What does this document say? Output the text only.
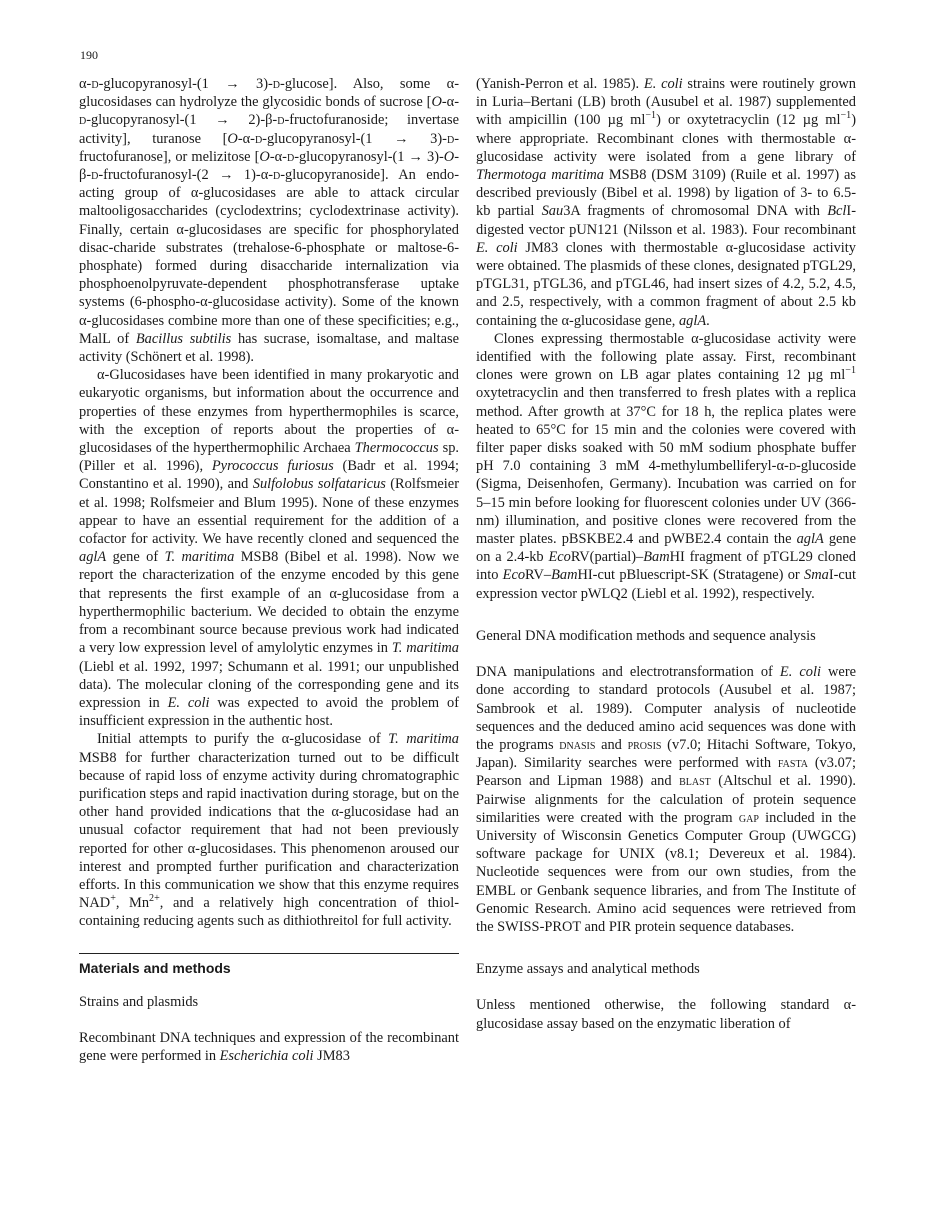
190

α-d-glucopyranosyl-(1 → 3)-d-glucose]. Also, some α-glucosidases can hydrolyze the glycosidic bonds of sucrose [O-α-d-glucopyranosyl-(1 → 2)-β-d-fructofuranoside; invertase activity], turanose [O-α-d-glucopyranosyl-(1 → 3)-d-fructofuranose], or melizitose [O-α-d-glucopyranosyl-(1 → 3)-O-β-d-fructofuranosyl-(2 → 1)-α-d-glucopyranoside]. An endo-acting group of α-glucosidases are able to attack circular maltooligosaccharides (cyclodextrins; cyclodextrinase activity). Finally, certain α-glucosidases are specific for phosphorylated disac-charide substrates (trehalose-6-phosphate or maltose-6-phosphate) formed during disaccharide internalization via phosphoenolpyruvate-dependent phosphotransferase uptake systems (6-phospho-α-glucosidase activity). Some of the known α-glucosidases combine more than one of these specificities; e.g., MalL of Bacillus subtilis has sucrase, isomaltase, and maltase activity (Schönert et al. 1998).

α-Glucosidases have been identified in many prokaryotic and eukaryotic organisms, but information about the occurrence and properties of these enzymes from hyperthermophiles is scarce, with the exception of reports about the properties of α-glucosidases of the hyperthermophilic Archaea Thermococcus sp. (Piller et al. 1996), Pyrococcus furiosus (Badr et al. 1994; Constantino et al. 1990), and Sulfolobus solfataricus (Rolfsmeier et al. 1998; Rolfsmeier and Blum 1995). None of these enzymes appear to have an essential requirement for the addition of a cofactor for activity. We have recently cloned and sequenced the aglA gene of T. maritima MSB8 (Bibel et al. 1998). Now we report the characterization of the enzyme encoded by this gene that represents the first example of an α-glucosidase from a hyperthermophilic bacterium. We decided to obtain the enzyme from a recombinant source because previous work had indicated a very low expression level of amylolytic enzymes in T. maritima (Liebl et al. 1992, 1997; Schumann et al. 1991; our unpublished data). The molecular cloning of the corresponding gene and its expression in E. coli was expected to avoid the problem of insufficient expression in the authentic host.

Initial attempts to purify the α-glucosidase of T. maritima MSB8 for further characterization turned out to be difficult because of rapid loss of enzyme activity during chromatographic purification steps and rapid inactivation during storage, but on the other hand provided indications that the α-glucosidase had an unusual cofactor requirement that had not been previously reported for other α-glucosidases. This phenomenon aroused our interest and prompted further purification and characterization efforts. In this communication we show that this enzyme requires NAD+, $Mn^{2+}$, and a relatively high concentration of thiol-containing reducing agents such as dithiothreitol for full activity.

Materials and methods
Strains and plasmids

Recombinant DNA techniques and expression of the recombinant gene were performed in Escherichia coli JM83

(Yanish-Perron et al. 1985). E. coli strains were routinely grown in Luria–Bertani (LB) broth (Ausubel et al. 1987) supplemented with ampicillin (100 µg $ml^{-1}$) or oxytetracyclin (12 µg $ml^{-1}$) where appropriate. Recombinant clones with thermostable α-glucosidase activity were isolated from a gene library of Thermotoga maritima MSB8 (DSM 3109) (Ruile et al. 1997) as described previously (Bibel et al. 1998) by ligation of 3- to 6.5-kb partial Sau3A fragments of chromosomal DNA with BclI-digested vector pUN121 (Nilsson et al. 1983). Four recombinant E. coli JM83 clones with thermostable α-glucosidase activity were obtained. The plasmids of these clones, designated pTGL29, pTGL31, pTGL36, and pTGL46, had insert sizes of 4.2, 5.2, 4.5, and 2.5, respectively, with a common fragment of about 2.5 kb containing the α-glucosidase gene, aglA.

Clones expressing thermostable α-glucosidase activity were identified with the following plate assay. First, recombinant clones were grown on LB agar plates containing 12 µg $ml^{-1}$ oxytetracyclin and then transferred to fresh plates with a replica method. After growth at 37°C for 18 h, the replica plates were heated to 65°C for 15 min and the colonies were covered with filter paper disks soaked with 50 mM sodium phosphate buffer pH 7.0 containing 3 mM 4-methylumbelliferyl-α-d-glucoside (Sigma, Deisenhofen, Germany). Incubation was carried on for 5–15 min before looking for fluorescent colonies under UV (366-nm) illumination, and positive clones were recovered from the master plates. pBSKBE2.4 and pWBE2.4 contain the aglA gene on a 2.4-kb EcoRV(partial)–BamHI fragment of pTGL29 cloned into EcoRV–BamHI-cut pBluescript-SK (Stratagene) or SmaI-cut expression vector pWLQ2 (Liebl et al. 1992), respectively.

General DNA modification methods and sequence analysis

DNA manipulations and electrotransformation of E. coli were done according to standard protocols (Ausubel et al. 1987; Sambrook et al. 1989). Computer analysis of nucleotide sequences and the deduced amino acid sequences was done with the programs dnasis and prosis (v7.0; Hitachi Software, Tokyo, Japan). Similarity searches were performed with fasta (v3.07; Pearson and Lipman 1988) and blast (Altschul et al. 1990). Pairwise alignments for the calculation of protein sequence similarities were created with the program gap included in the University of Wisconsin Genetics Computer Group (UWGCG) software package for UNIX (v8.1; Devereux et al. 1984). Nucleotide sequences were from our own studies, from the EMBL or Genbank sequence libraries, and from The Institute of Genomic Research. Amino acid sequences were retrieved from the SWISS-PROT and PIR protein sequence databases.

Enzyme assays and analytical methods

Unless mentioned otherwise, the following standard α-glucosidase assay based on the enzymatic liberation of
